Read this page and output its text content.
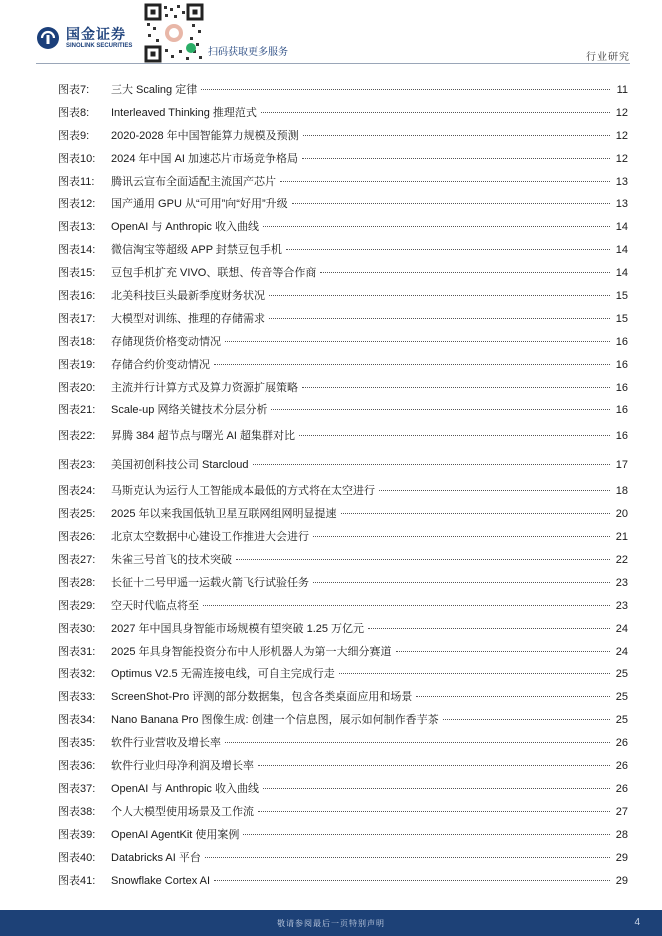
国金证券
SINOLINK SECURITIES
扫码获取更多服务	行业研究
图表7:	三大 Scaling 定律	11
图表8:	Interleaved Thinking 推理范式	12
图表9:	2020-2028 年中国智能算力规模及预测	12
图表10:	2024 年中国 AI 加速芯片市场竞争格局	12
图表11:	腾讯云宣布全面适配主流国产芯片	13
图表12:	国产通用 GPU 从“可用”向“好用”升级	13
图表13:	OpenAI 与 Anthropic 收入曲线	14
图表14:	微信淘宝等超级 APP 封禁豆包手机	14
图表15:	豆包手机扩充 VIVO、联想、传音等合作商	14
图表16:	北美科技巨头最新季度财务状况	15
图表17:	大模型对训练、推理的存储需求	15
图表18:	存储现货价格变动情况	16
图表19:	存储合约价变动情况	16
图表20:	主流并行计算方式及算力资源扩展策略	16
图表21:	Scale-up 网络关键技术分层分析	16
图表22:	昇腾 384 超节点与曙光 AI 超集群对比	16
图表23:	美国初创科技公司 Starcloud	17
图表24:	马斯克认为运行人工智能成本最低的方式将在太空进行	18
图表25:	2025 年以来我国低轨卫星互联网组网明显提速	20
图表26:	北京太空数据中心建设工作推进大会进行	21
图表27:	朱雀三号首飞的技术突破	22
图表28:	长征十二号甲遥一运载火箭飞行试验任务	23
图表29:	空天时代临点将至	23
图表30:	2027 年中国具身智能市场规模有望突破 1.25 万亿元	24
图表31:	2025 年具身智能投资分布中人形机器人为第一大细分赛道	24
图表32:	Optimus V2.5 无需连接电线，可自主完成行走	25
图表33:	ScreenShot-Pro 评测的部分数据集，包含各类桌面应用和场景	25
图表34:	Nano Banana Pro 图像生成: 创建一个信息图，展示如何制作香芋茶	25
图表35:	软件行业营收及增长率	26
图表36:	软件行业归母净利润及增长率	26
图表37:	OpenAI 与 Anthropic 收入曲线	26
图表38:	个人大模型使用场景及工作流	27
图表39:	OpenAI AgentKit 使用案例	28
图表40:	Databricks AI 平台	29
图表41:	Snowflake Cortex AI	29
敬请参阅最后一页特别声明	4
